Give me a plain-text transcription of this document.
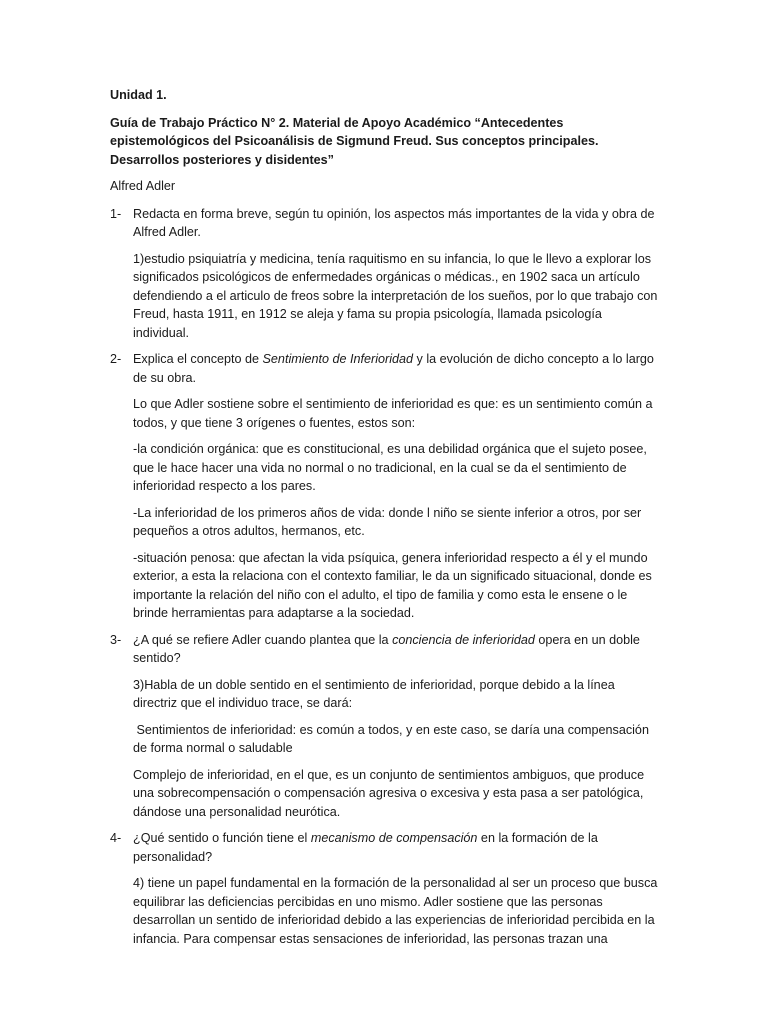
Unidad 1.

Guía de Trabajo Práctico N° 2. Material de Apoyo Académico “Antecedentes epistemológicos del Psicoanálisis de Sigmund Freud. Sus conceptos principales. Desarrollos posteriores y disidentes”

Alfred Adler

1- Redacta en forma breve, según tu opinión, los aspectos más importantes de la vida y obra de Alfred Adler.

1)estudio psiquiatría y medicina, tenía raquitismo en su infancia, lo que le llevo a explorar los significados psicológicos de enfermedades orgánicas o médicas., en 1902 saca un artículo defendiendo a el articulo de freos sobre la interpretación de los sueños, por lo que trabajo con Freud, hasta 1911, en 1912 se aleja y fama su propia psicología, llamada psicología individual.

2- Explica el concepto de Sentimiento de Inferioridad y la evolución de dicho concepto a lo largo de su obra.

Lo que Adler sostiene sobre el sentimiento de inferioridad es que: es un sentimiento común a todos, y que tiene 3 orígenes o fuentes, estos son:

-la condición orgánica: que es constitucional, es una debilidad orgánica que el sujeto posee, que le hace hacer una vida no normal o no tradicional, en la cual se da el sentimiento de inferioridad respecto a los pares.

-La inferioridad de los primeros años de vida: donde l niño se siente inferior a otros, por ser pequeños a otros adultos, hermanos, etc.

-situación penosa: que afectan la vida psíquica, genera inferioridad respecto a él y el mundo exterior, a esta la relaciona con el contexto familiar, le da un significado situacional, donde es importante la relación del niño con el adulto, el tipo de familia y como esta le ensene o le brinde herramientas para adaptarse a la sociedad.

3- ¿A qué se refiere Adler cuando plantea que la conciencia de inferioridad opera en un doble sentido?

3)Habla de un doble sentido en el sentimiento de inferioridad, porque debido a la línea directriz que el individuo trace, se dará:

Sentimientos de inferioridad: es común a todos, y en este caso, se daría una compensación de forma normal o saludable

Complejo de inferioridad, en el que, es un conjunto de sentimientos ambiguos, que produce una sobrecompensación o compensación agresiva o excesiva y esta pasa a ser patológica, dándose una personalidad neurótica.

4- ¿Qué sentido o función tiene el mecanismo de compensación en la formación de la personalidad?

4) tiene un papel fundamental en la formación de la personalidad al ser un proceso que busca equilibrar las deficiencias percibidas en uno mismo. Adler sostiene que las personas desarrollan un sentido de inferioridad debido a las experiencias de inferioridad percibida en la infancia. Para compensar estas sensaciones de inferioridad, las personas trazan una
